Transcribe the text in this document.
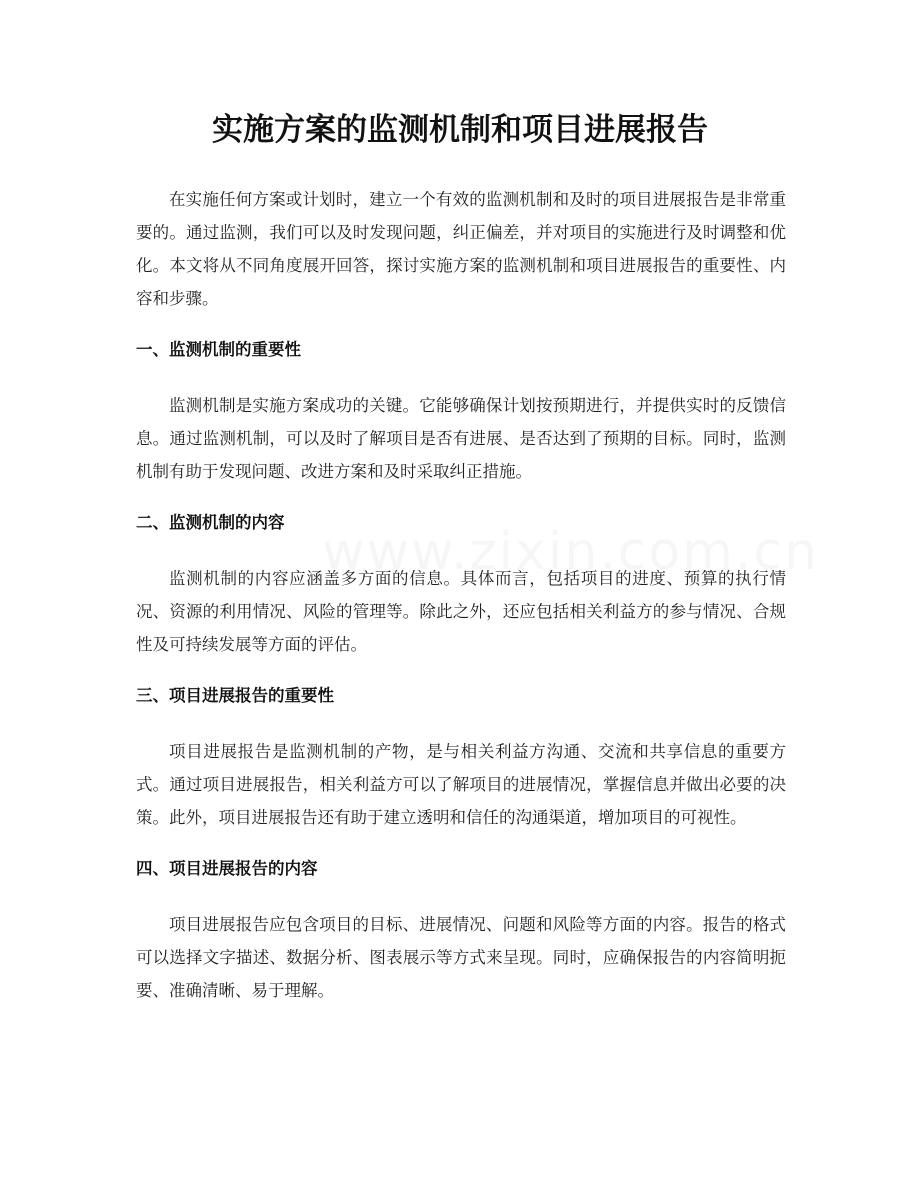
实施方案的监测机制和项目进展报告

在实施任何方案或计划时，建立一个有效的监测机制和及时的项目进展报告是非常重要的。通过监测，我们可以及时发现问题，纠正偏差，并对项目的实施进行及时调整和优化。本文将从不同角度展开回答，探讨实施方案的监测机制和项目进展报告的重要性、内容和步骤。

一、监测机制的重要性

监测机制是实施方案成功的关键。它能够确保计划按预期进行，并提供实时的反馈信息。通过监测机制，可以及时了解项目是否有进展、是否达到了预期的目标。同时，监测机制有助于发现问题、改进方案和及时采取纠正措施。

二、监测机制的内容

监测机制的内容应涵盖多方面的信息。具体而言，包括项目的进度、预算的执行情况、资源的利用情况、风险的管理等。除此之外，还应包括相关利益方的参与情况、合规性及可持续发展等方面的评估。

三、项目进展报告的重要性

项目进展报告是监测机制的产物，是与相关利益方沟通、交流和共享信息的重要方式。通过项目进展报告，相关利益方可以了解项目的进展情况，掌握信息并做出必要的决策。此外，项目进展报告还有助于建立透明和信任的沟通渠道，增加项目的可视性。

四、项目进展报告的内容

项目进展报告应包含项目的目标、进展情况、问题和风险等方面的内容。报告的格式可以选择文字描述、数据分析、图表展示等方式来呈现。同时，应确保报告的内容简明扼要、准确清晰、易于理解。
